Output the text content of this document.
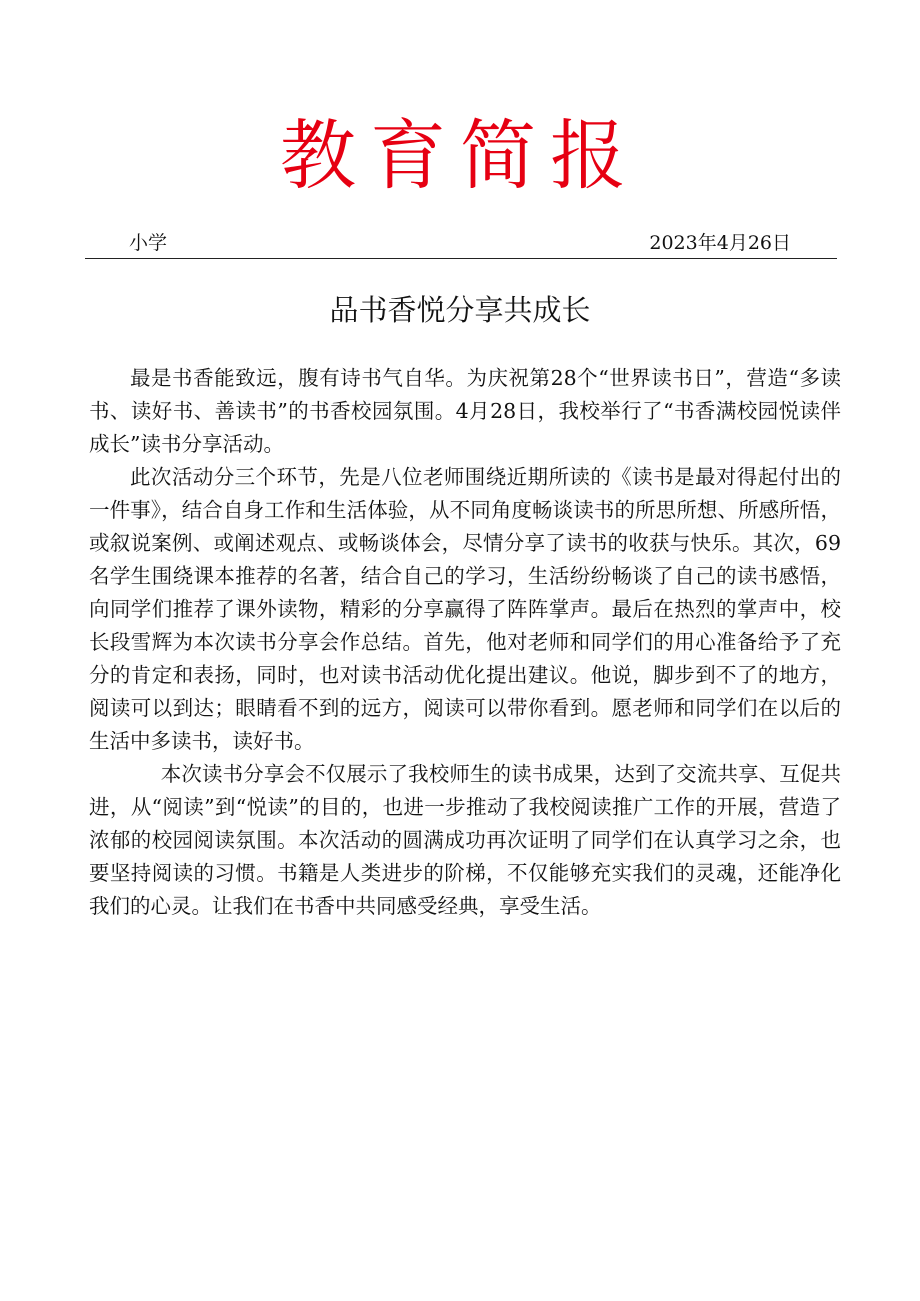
教育简报
小学	2023年4月26日
品书香悦分享共成长

最是书香能致远，腹有诗书气自华。为庆祝第28个“世界读书日”，营造“多读书、读好书、善读书”的书香校园氛围。4月28日，我校举行了“书香满校园悦读伴成长”读书分享活动。

此次活动分三个环节，先是八位老师围绕近期所读的《读书是最对得起付出的一件事》，结合自身工作和生活体验，从不同角度畅谈读书的所思所想、所感所悟，或叙说案例、或阐述观点、或畅谈体会，尽情分享了读书的收获与快乐。其次，69名学生围绕课本推荐的名著，结合自己的学习，生活纷纷畅谈了自己的读书感悟，向同学们推荐了课外读物，精彩的分享赢得了阵阵掌声。最后在热烈的掌声中，校长段雪辉为本次读书分享会作总结。首先，他对老师和同学们的用心准备给予了充分的肯定和表扬，同时，也对读书活动优化提出建议。他说，脚步到不了的地方，阅读可以到达；眼睛看不到的远方，阅读可以带你看到。愿老师和同学们在以后的生活中多读书，读好书。

本次读书分享会不仅展示了我校师生的读书成果，达到了交流共享、互促共进，从“阅读”到“悦读”的目的，也进一步推动了我校阅读推广工作的开展，营造了浓郁的校园阅读氛围。本次活动的圆满成功再次证明了同学们在认真学习之余，也要坚持阅读的习惯。书籍是人类进步的阶梯，不仅能够充实我们的灵魂，还能净化我们的心灵。让我们在书香中共同感受经典，享受生活。
